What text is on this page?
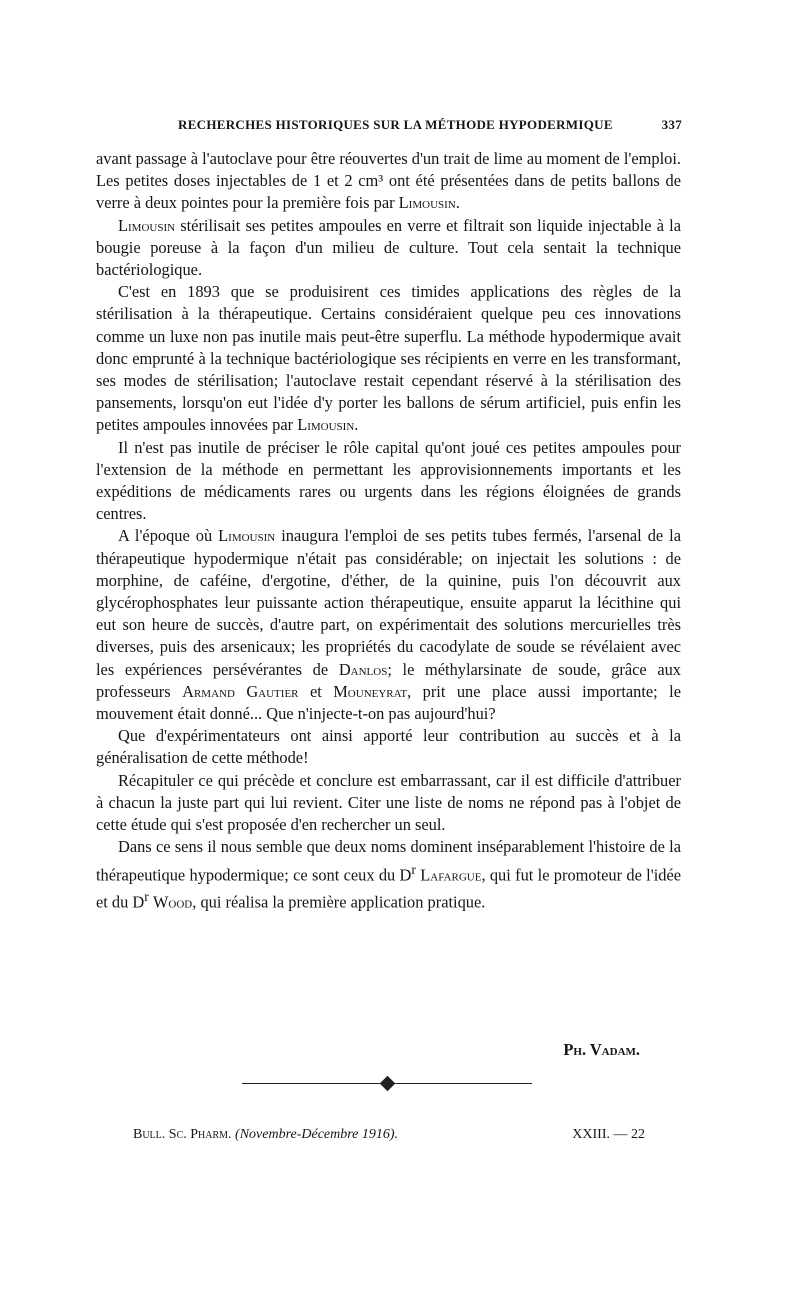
RECHERCHES HISTORIQUES SUR LA MÉTHODE HYPODERMIQUE	337

avant passage à l'autoclave pour être réouvertes d'un trait de lime au moment de l'emploi. Les petites doses injectables de 1 et 2 cm³ ont été présentées dans de petits ballons de verre à deux pointes pour la première fois par Limousin.

Limousin stérilisait ses petites ampoules en verre et filtrait son liquide injectable à la bougie poreuse à la façon d'un milieu de culture. Tout cela sentait la technique bactériologique.

C'est en 1893 que se produisirent ces timides applications des règles de la stérilisation à la thérapeutique. Certains considéraient quelque peu ces innovations comme un luxe non pas inutile mais peut-être superflu. La méthode hypodermique avait donc emprunté à la technique bactériologique ses récipients en verre en les transformant, ses modes de stérilisation; l'autoclave restait cependant réservé à la stérilisation des pansements, lorsqu'on eut l'idée d'y porter les ballons de sérum artificiel, puis enfin les petites ampoules innovées par Limousin.

Il n'est pas inutile de préciser le rôle capital qu'ont joué ces petites ampoules pour l'extension de la méthode en permettant les approvisionnements importants et les expéditions de médicaments rares ou urgents dans les régions éloignées de grands centres.

A l'époque où Limousin inaugura l'emploi de ses petits tubes fermés, l'arsenal de la thérapeutique hypodermique n'était pas considérable; on injectait les solutions : de morphine, de caféine, d'ergotine, d'éther, de la quinine, puis l'on découvrit aux glycérophosphates leur puissante action thérapeutique, ensuite apparut la lécithine qui eut son heure de succès, d'autre part, on expérimentait des solutions mercurielles très diverses, puis des arsenicaux; les propriétés du cacodylate de soude se révélaient avec les expériences persévérantes de Danlos; le méthylarsinate de soude, grâce aux professeurs Armand Gautier et Mouneyrat, prit une place aussi importante; le mouvement était donné... Que n'injecte-t-on pas aujourd'hui?

Que d'expérimentateurs ont ainsi apporté leur contribution au succès et à la généralisation de cette méthode!

Récapituler ce qui précède et conclure est embarrassant, car il est difficile d'attribuer à chacun la juste part qui lui revient. Citer une liste de noms ne répond pas à l'objet de cette étude qui s'est proposée d'en rechercher un seul.

Dans ce sens il nous semble que deux noms dominent inséparablement l'histoire de la thérapeutique hypodermique; ce sont ceux du $D^r$ Lafargue, qui fut le promoteur de l'idée et du $D^r$ Wood, qui réalisa la première application pratique.

Ph. Vadam.
Bull. Sc. Pharm. (Novembre-Décembre 1916).	XXIII. — 22
